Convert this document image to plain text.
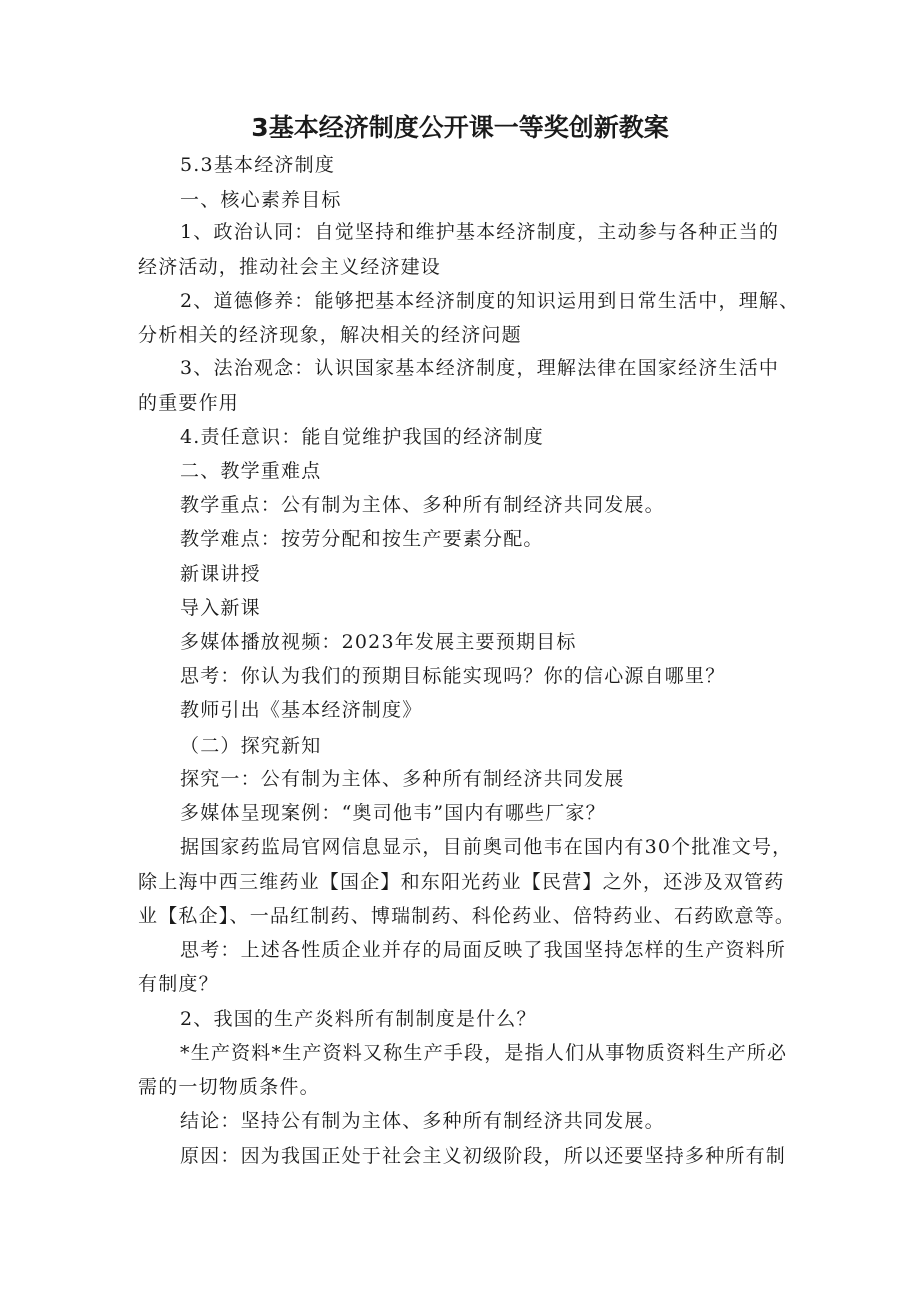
3基本经济制度公开课一等奖创新教案
5.3基本经济制度
一、核心素养目标
1、政治认同：自觉坚持和维护基本经济制度，主动参与各种正当的
经济活动，推动社会主义经济建设
2、道德修养：能够把基本经济制度的知识运用到日常生活中，理解、
分析相关的经济现象，解决相关的经济问题
3、法治观念：认识国家基本经济制度，理解法律在国家经济生活中
的重要作用
4.责任意识：能自觉维护我国的经济制度
二、教学重难点
教学重点：公有制为主体、多种所有制经济共同发展。
教学难点：按劳分配和按生产要素分配。
新课讲授
导入新课
多媒体播放视频：2023年发展主要预期目标
思考：你认为我们的预期目标能实现吗？你的信心源自哪里？
教师引出《基本经济制度》
（二）探究新知
探究一：公有制为主体、多种所有制经济共同发展
多媒体呈现案例：“奥司他韦”国内有哪些厂家？
据国家药监局官网信息显示，目前奥司他韦在国内有30个批准文号，
除上海中西三维药业【国企】和东阳光药业【民营】之外，还涉及双管药
业【私企】、一品红制药、博瑞制药、科伦药业、倍特药业、石药欧意等。
思考：上述各性质企业并存的局面反映了我国坚持怎样的生产资料所
有制度？
2、我国的生产炎料所有制制度是什么？
*生产资料*生产资料又称生产手段，是指人们从事物质资料生产所必
需的一切物质条件。
结论：坚持公有制为主体、多种所有制经济共同发展。
原因：因为我国正处于社会主义初级阶段，所以还要坚持多种所有制
